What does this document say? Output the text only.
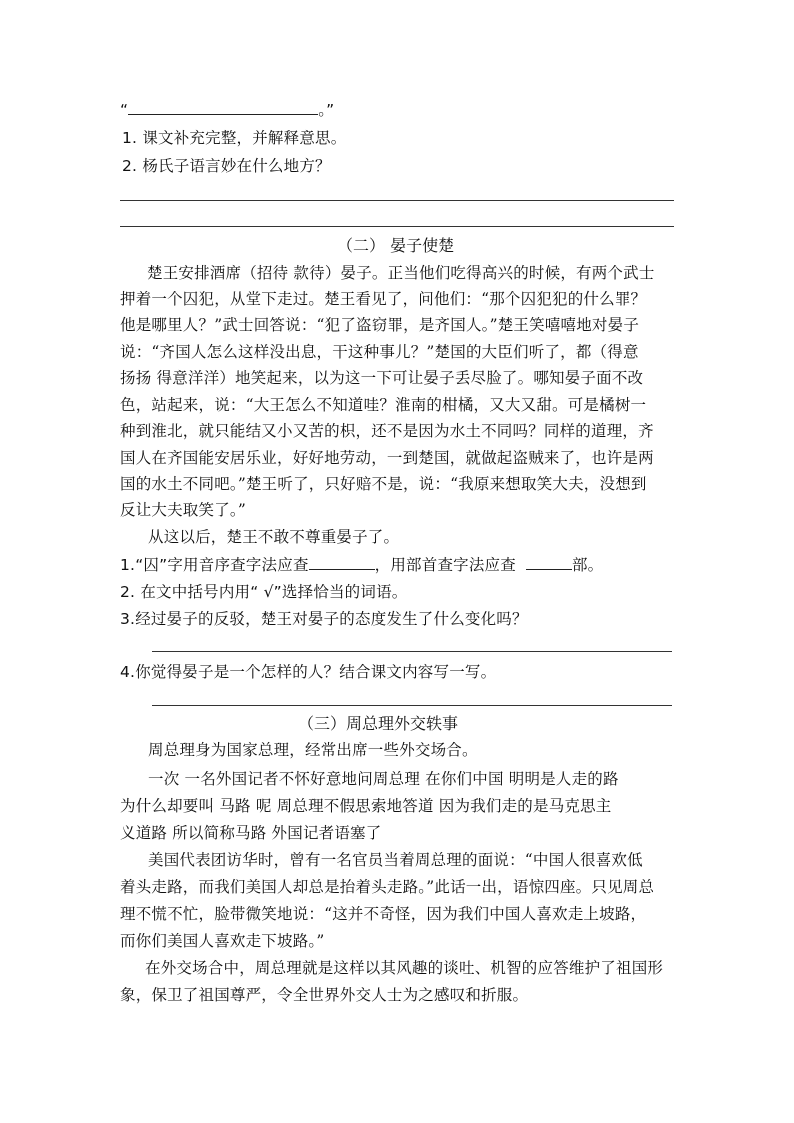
“	。”
1. 课文补充完整，并解释意思。
2. 杨氏子语言妙在什么地方？
（二） 晏子使楚
楚王安排酒席（招待 款待）晏子。正当他们吃得高兴的时候，有两个武士
押着一个囚犯，从堂下走过。楚王看见了，问他们：“那个囚犯犯的什么罪？
他是哪里人？”武士回答说：“犯了盗窃罪，是齐国人。”楚王笑嘻嘻地对晏子
说：“齐国人怎么这样没出息，干这种事儿？”楚国的大臣们听了，都（得意
扬扬 得意洋洋）地笑起来，以为这一下可让晏子丢尽脸了。哪知晏子面不改
色，站起来，说：“大王怎么不知道哇？淮南的柑橘，又大又甜。可是橘树一
种到淮北，就只能结又小又苦的枳，还不是因为水土不同吗？同样的道理，齐
国人在齐国能安居乐业，好好地劳动，一到楚国，就做起盗贼来了，也许是两
国的水土不同吧。”楚王听了，只好赔不是，说：“我原来想取笑大夫，没想到
反让大夫取笑了。”
从这以后，楚王不敢不尊重晏子了。
1.“囚”字用音序查字法应查	，用部首查字法应查	部。
2. 在文中括号内用“ √”选择恰当的词语。
3.经过晏子的反驳，楚王对晏子的态度发生了什么变化吗？
4.你觉得晏子是一个怎样的人？结合课文内容写一写。
（三）周总理外交轶事
周总理身为国家总理，经常出席一些外交场合。
一次 一名外国记者不怀好意地问周总理 在你们中国 明明是人走的路
为什么却要叫 马路 呢 周总理不假思索地答道 因为我们走的是马克思主
义道路 所以简称马路 外国记者语塞了
美国代表团访华时，曾有一名官员当着周总理的面说：“中国人很喜欢低
着头走路，而我们美国人却总是抬着头走路。”此话一出，语惊四座。只见周总
理不慌不忙，脸带微笑地说：“这并不奇怪，因为我们中国人喜欢走上坡路，
而你们美国人喜欢走下坡路。”
在外交场合中，周总理就是这样以其风趣的谈吐、机智的应答维护了祖国形
象，保卫了祖国尊严，令全世界外交人士为之感叹和折服。
